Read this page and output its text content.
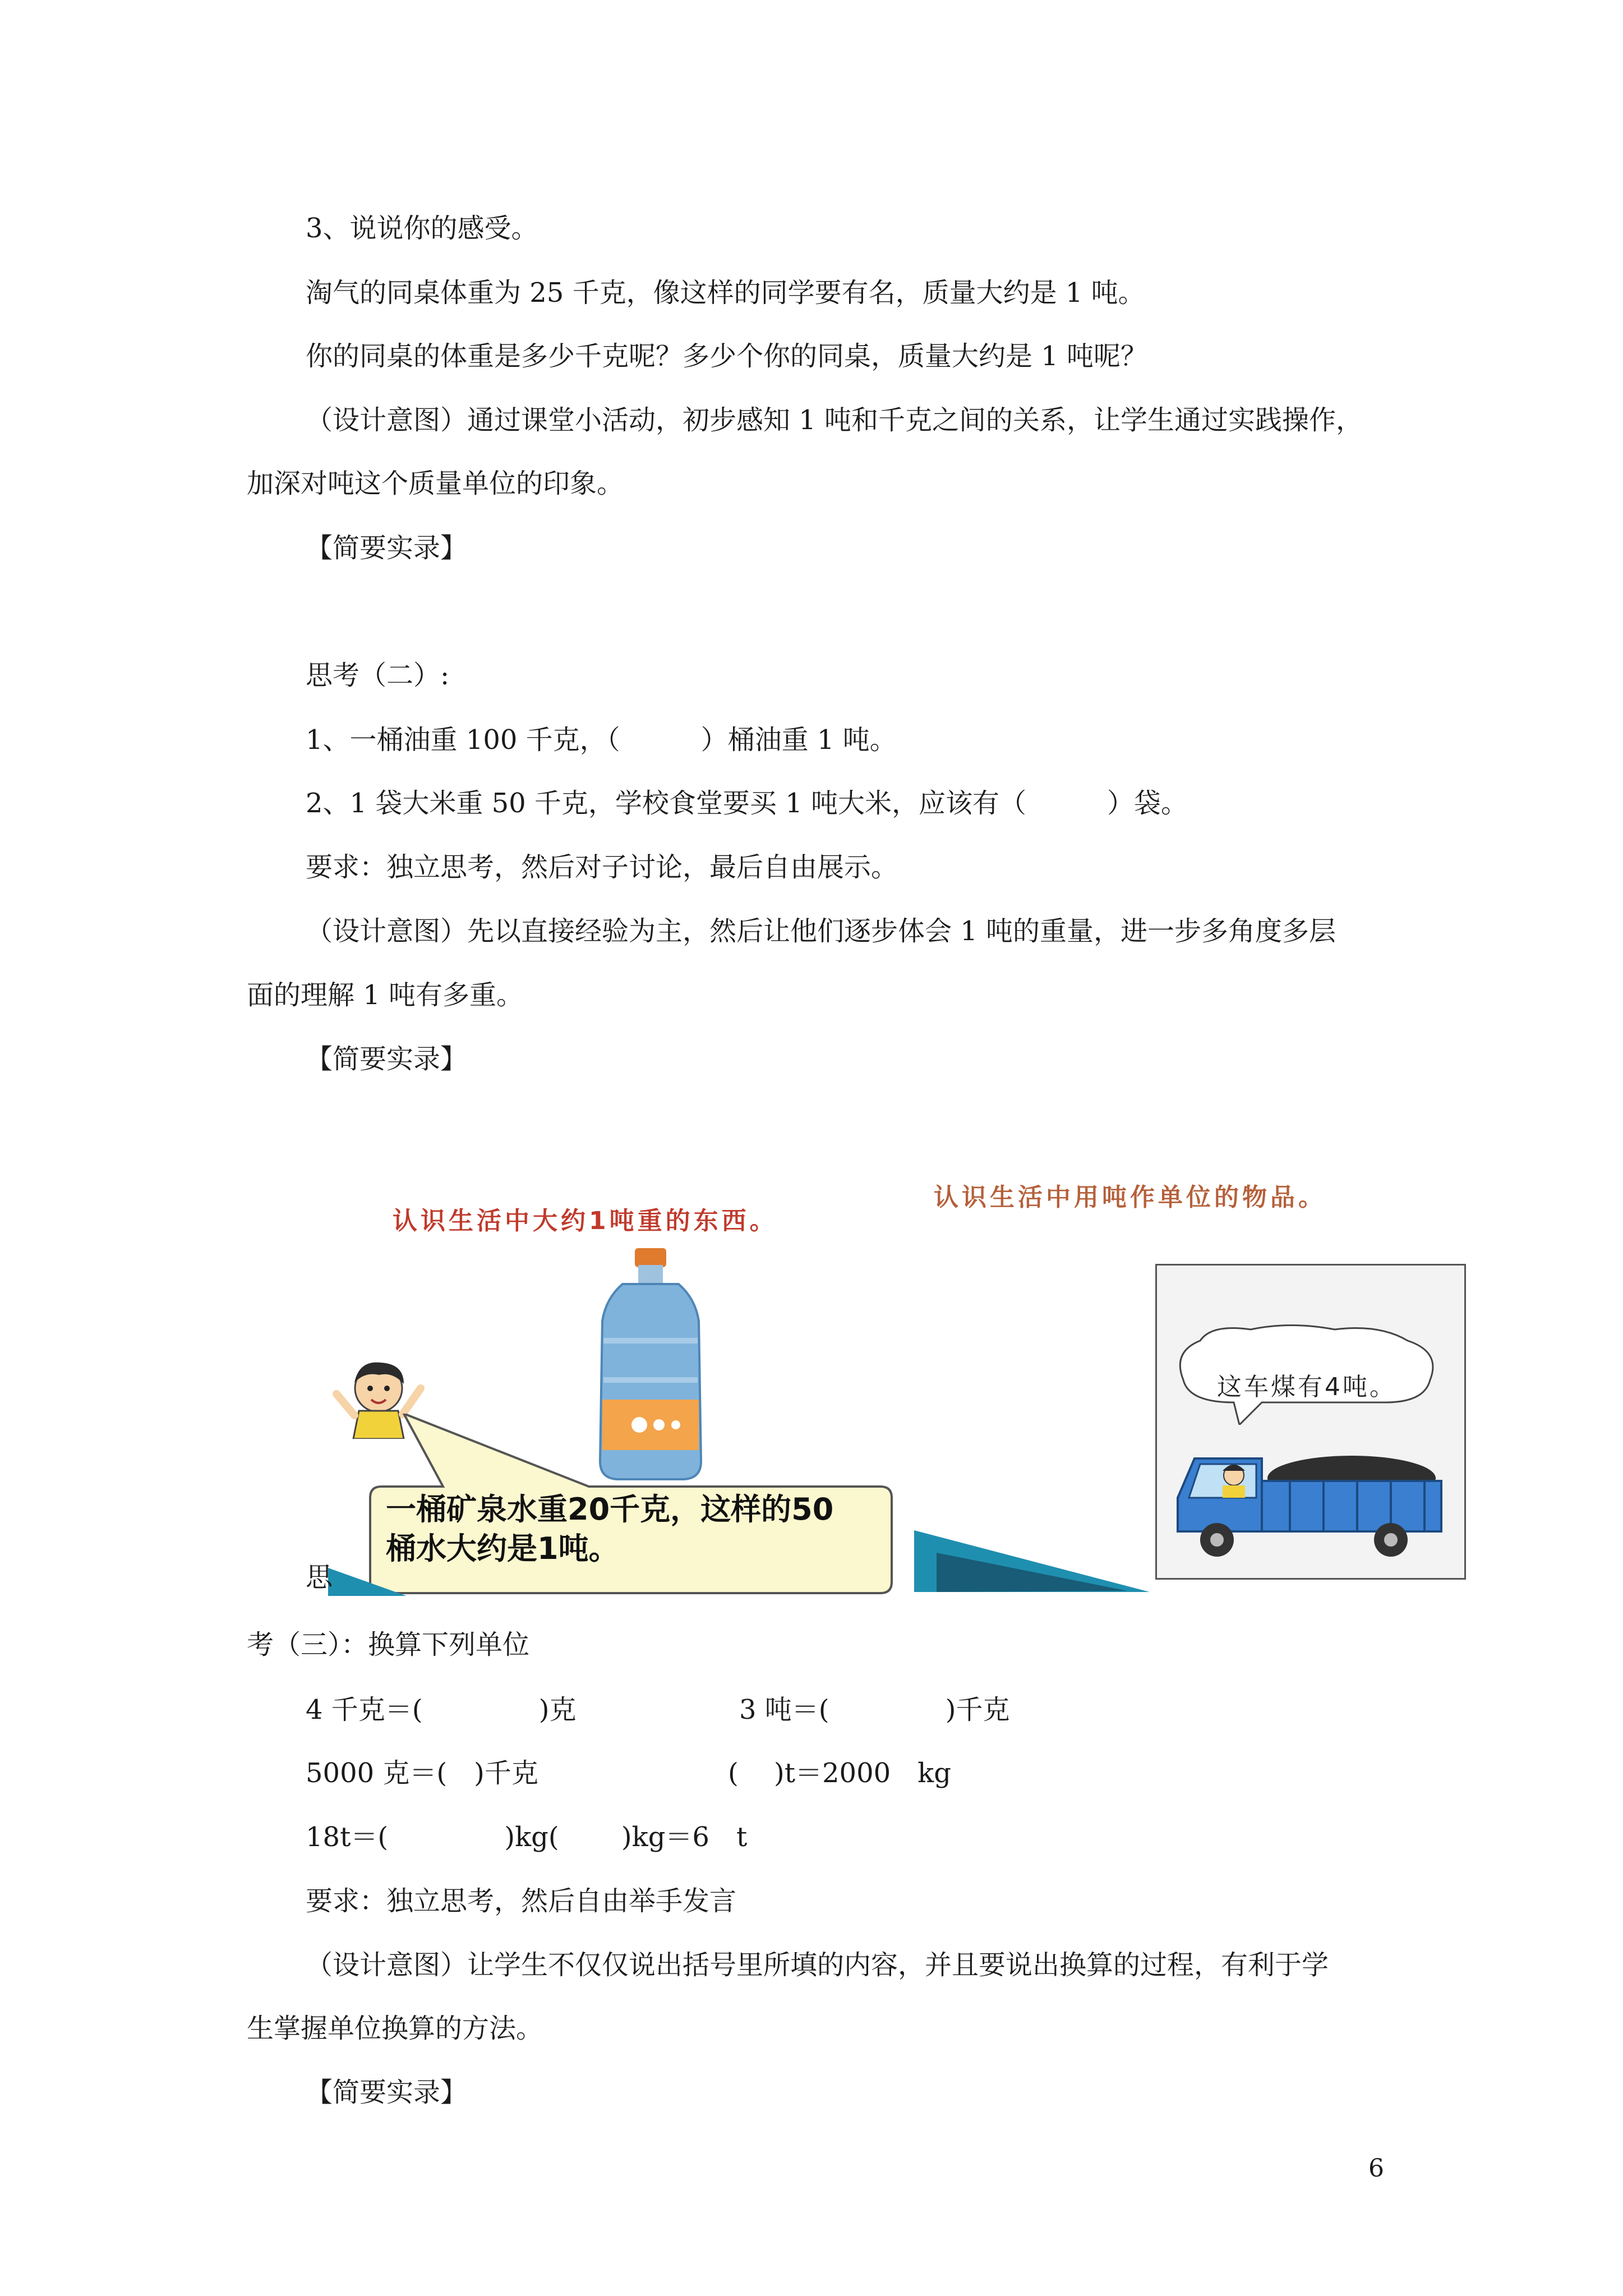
3、说说你的感受。
淘气的同桌体重为 25 千克，像这样的同学要有名，质量大约是 1 吨。
你的同桌的体重是多少千克呢？多少个你的同桌，质量大约是 1 吨呢？
（设计意图）通过课堂小活动，初步感知 1 吨和千克之间的关系，让学生通过实践操作，
加深对吨这个质量单位的印象。
【简要实录】
思考（二）:
1、一桶油重 100 千克，（　　　）桶油重 1 吨。
2、1 袋大米重 50 千克，学校食堂要买 1 吨大米，应该有（　　　）袋。
要求：独立思考，然后对子讨论，最后自由展示。
（设计意图）先以直接经验为主，然后让他们逐步体会 1 吨的重量，进一步多角度多层
面的理解 1 吨有多重。
【简要实录】
认识生活中大约1吨重的东西。
认识生活中用吨作单位的物品。
一桶矿泉水重20千克，这样的50
桶水大约是1吨。
这车煤有4吨。
思
考（三）：换算下列单位
4 千克＝(　　　　 )克	3 吨＝(　　　　 )千克
5000 克＝(　)千克	(　 )t＝2000　kg
18t＝(　　　　 )kg(　　 )kg＝6　t
要求：独立思考，然后自由举手发言
（设计意图）让学生不仅仅说出括号里所填的内容，并且要说出换算的过程，有利于学
生掌握单位换算的方法。
【简要实录】
6
